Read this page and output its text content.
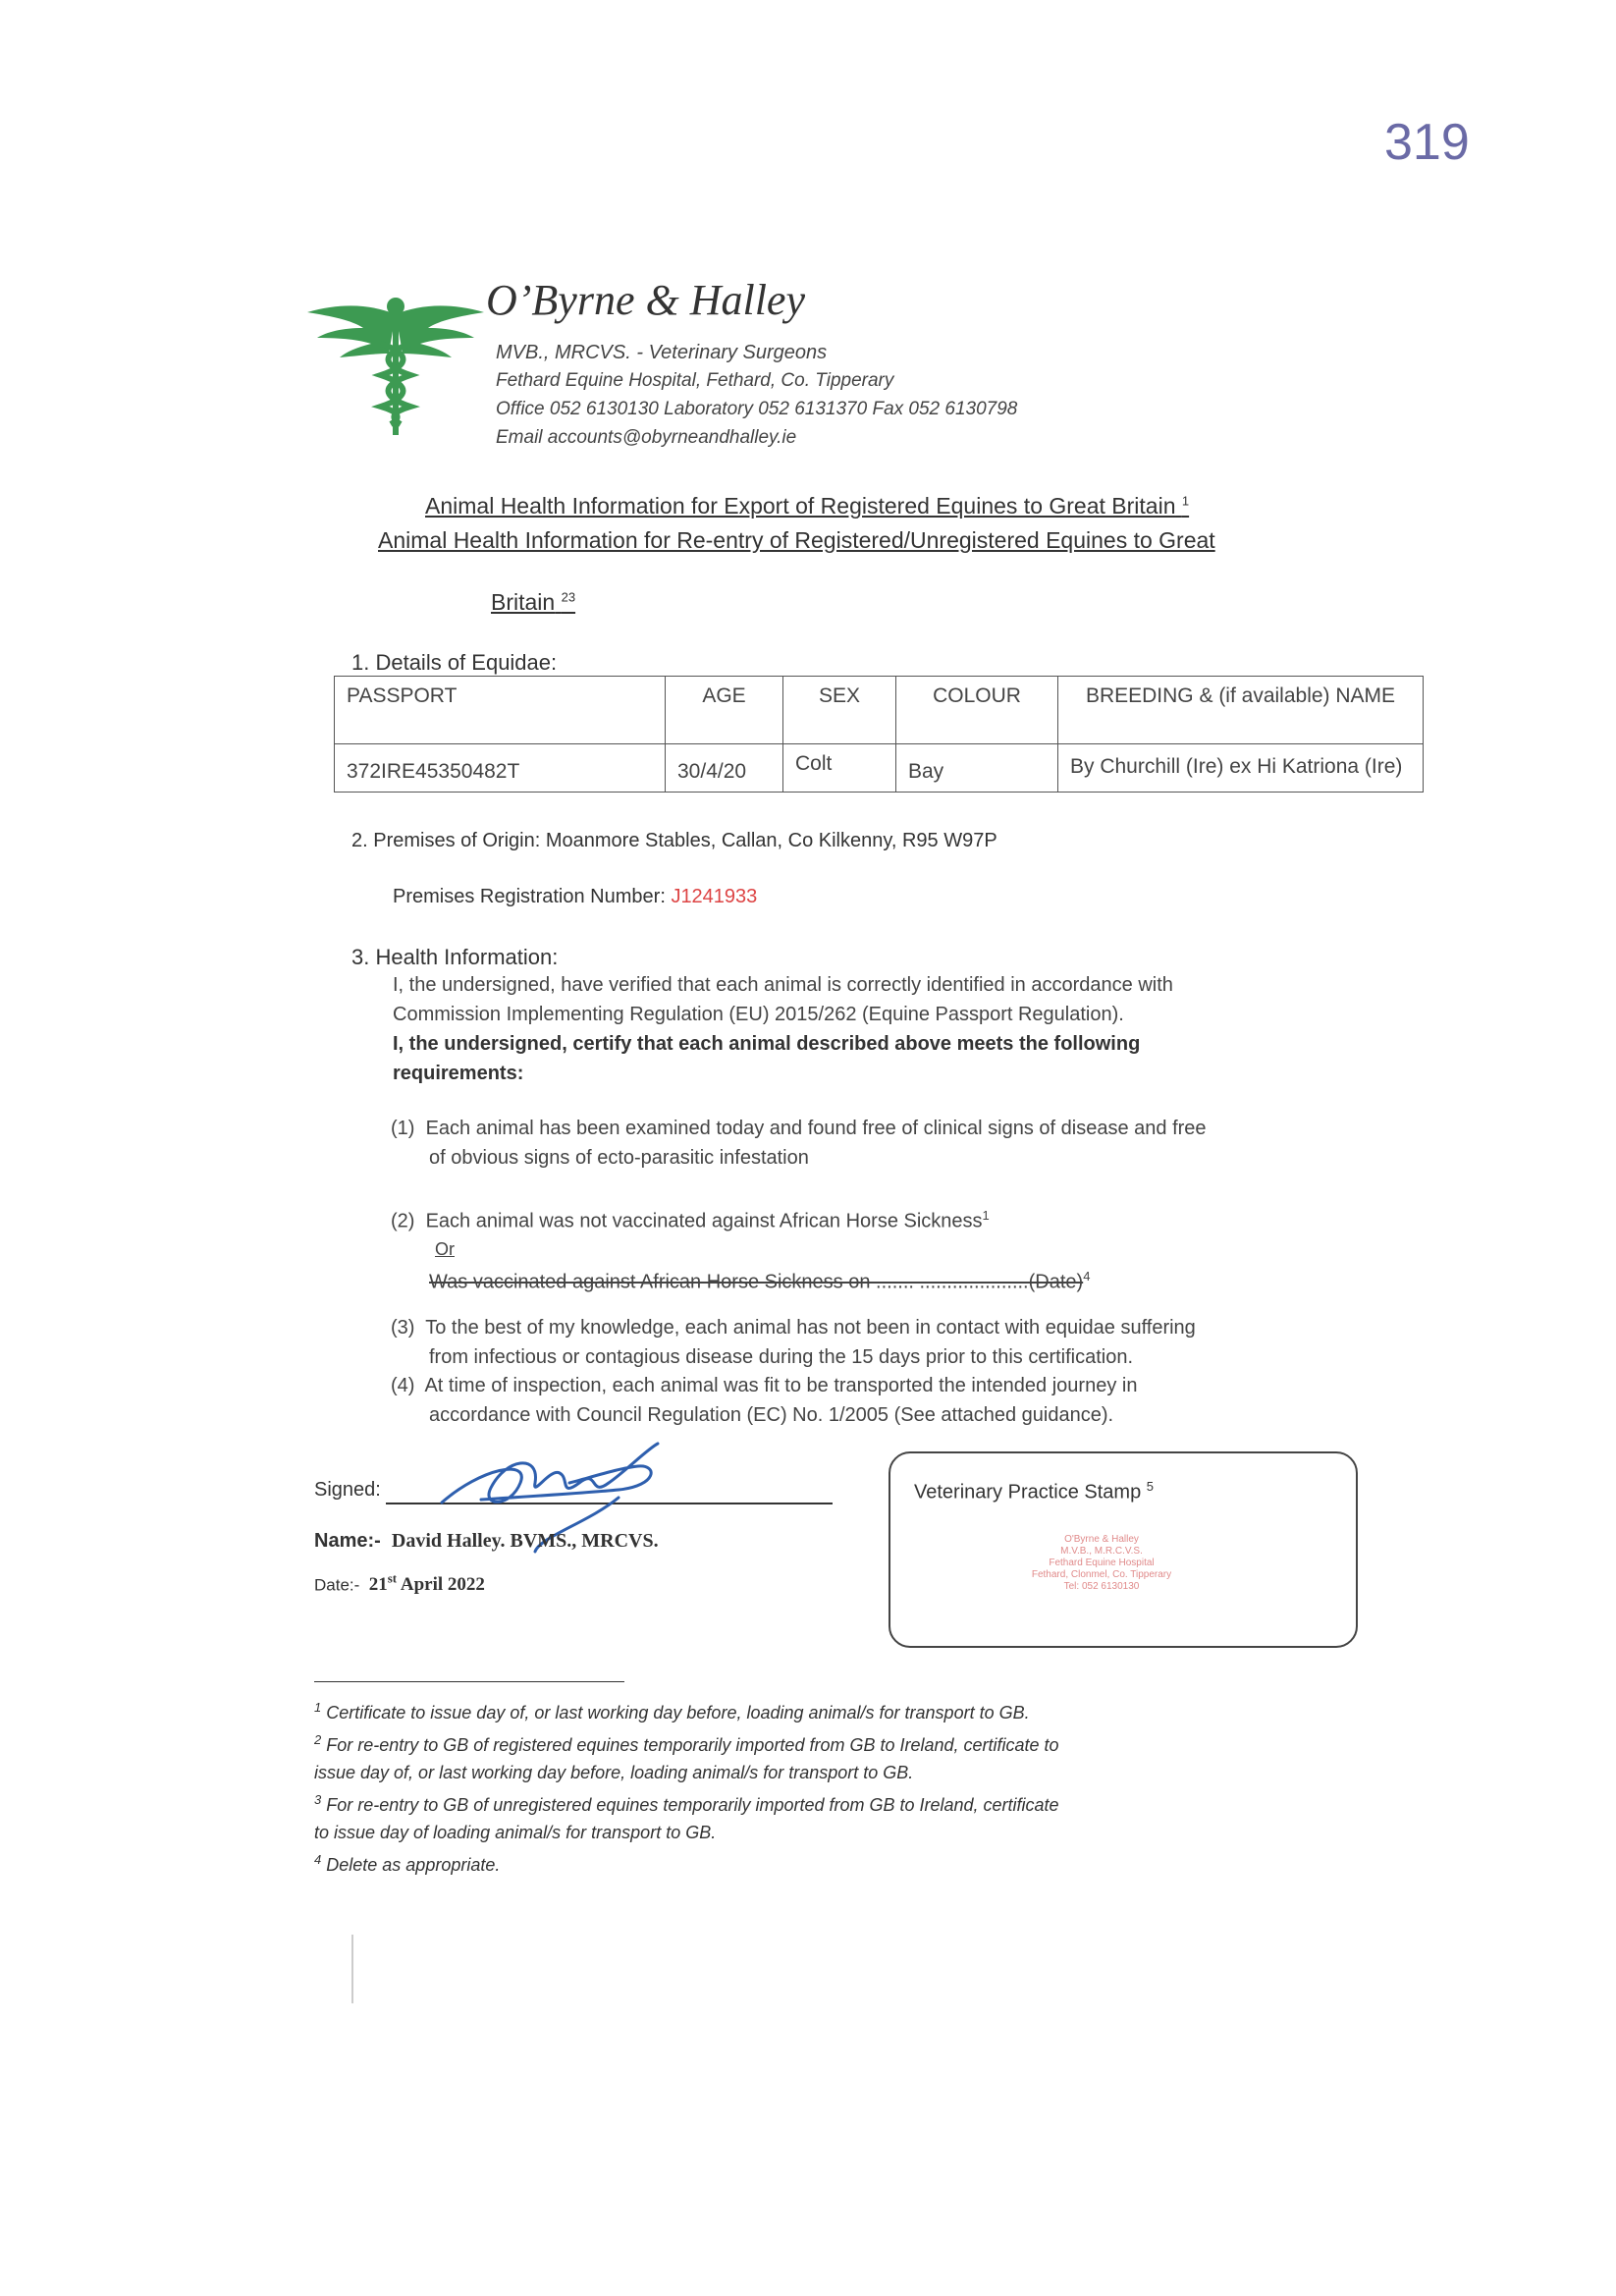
319
O’Byrne & Halley
MVB., MRCVS. - Veterinary Surgeons
Fethard Equine Hospital, Fethard, Co. Tipperary
Office 052 6130130 Laboratory 052 6131370 Fax 052 6130798
Email accounts@obyrneandhalley.ie
Animal Health Information for Export of Registered Equines to Great Britain $^1$
Animal Health Information for Re-entry of Registered/Unregistered Equines to Great
Britain $^{23}$
1. Details of Equidae:
PASSPORT	AGE	SEX	COLOUR	BREEDING & (if available) NAME
372IRE45350482T	30/4/20	Colt	Bay	By Churchill (Ire) ex Hi Katriona (Ire)
2. Premises of Origin: Moanmore Stables, Callan, Co Kilkenny, R95 W97P
Premises Registration Number: J1241933
3. Health Information:
I, the undersigned, have verified that each animal is correctly identified in accordance with
Commission Implementing Regulation (EU) 2015/262 (Equine Passport Regulation).
I, the undersigned, certify that each animal described above meets the following
requirements:
(1) Each animal has been examined today and found free of clinical signs of disease and free
of obvious signs of ecto-parasitic infestation
(2) Each animal was not vaccinated against African Horse Sickness$^1$
Or
Was vaccinated against African Horse Sickness on ....... ....................(Date)$^4$
(3) To the best of my knowledge, each animal has not been in contact with equidae suffering
from infectious or contagious disease during the 15 days prior to this certification.
(4) At time of inspection, each animal was fit to be transported the intended journey in
accordance with Council Regulation (EC) No. 1/2005 (See attached guidance).
Signed:
Name:- David Halley. BVMS., MRCVS.
Date:- 21st April 2022
Veterinary Practice Stamp $^5$
O'Byrne & Halley
M.V.B., M.R.C.V.S.
Fethard Equine Hospital
Fethard, Clonmel, Co. Tipperary
Tel: 052 6130130
$^1$ Certificate to issue day of, or last working day before, loading animal/s for transport to GB.
$^2$ For re-entry to GB of registered equines temporarily imported from GB to Ireland, certificate to
issue day of, or last working day before, loading animal/s for transport to GB.
$^3$ For re-entry to GB of unregistered equines temporarily imported from GB to Ireland, certificate
to issue day of loading animal/s for transport to GB.
$^4$ Delete as appropriate.
